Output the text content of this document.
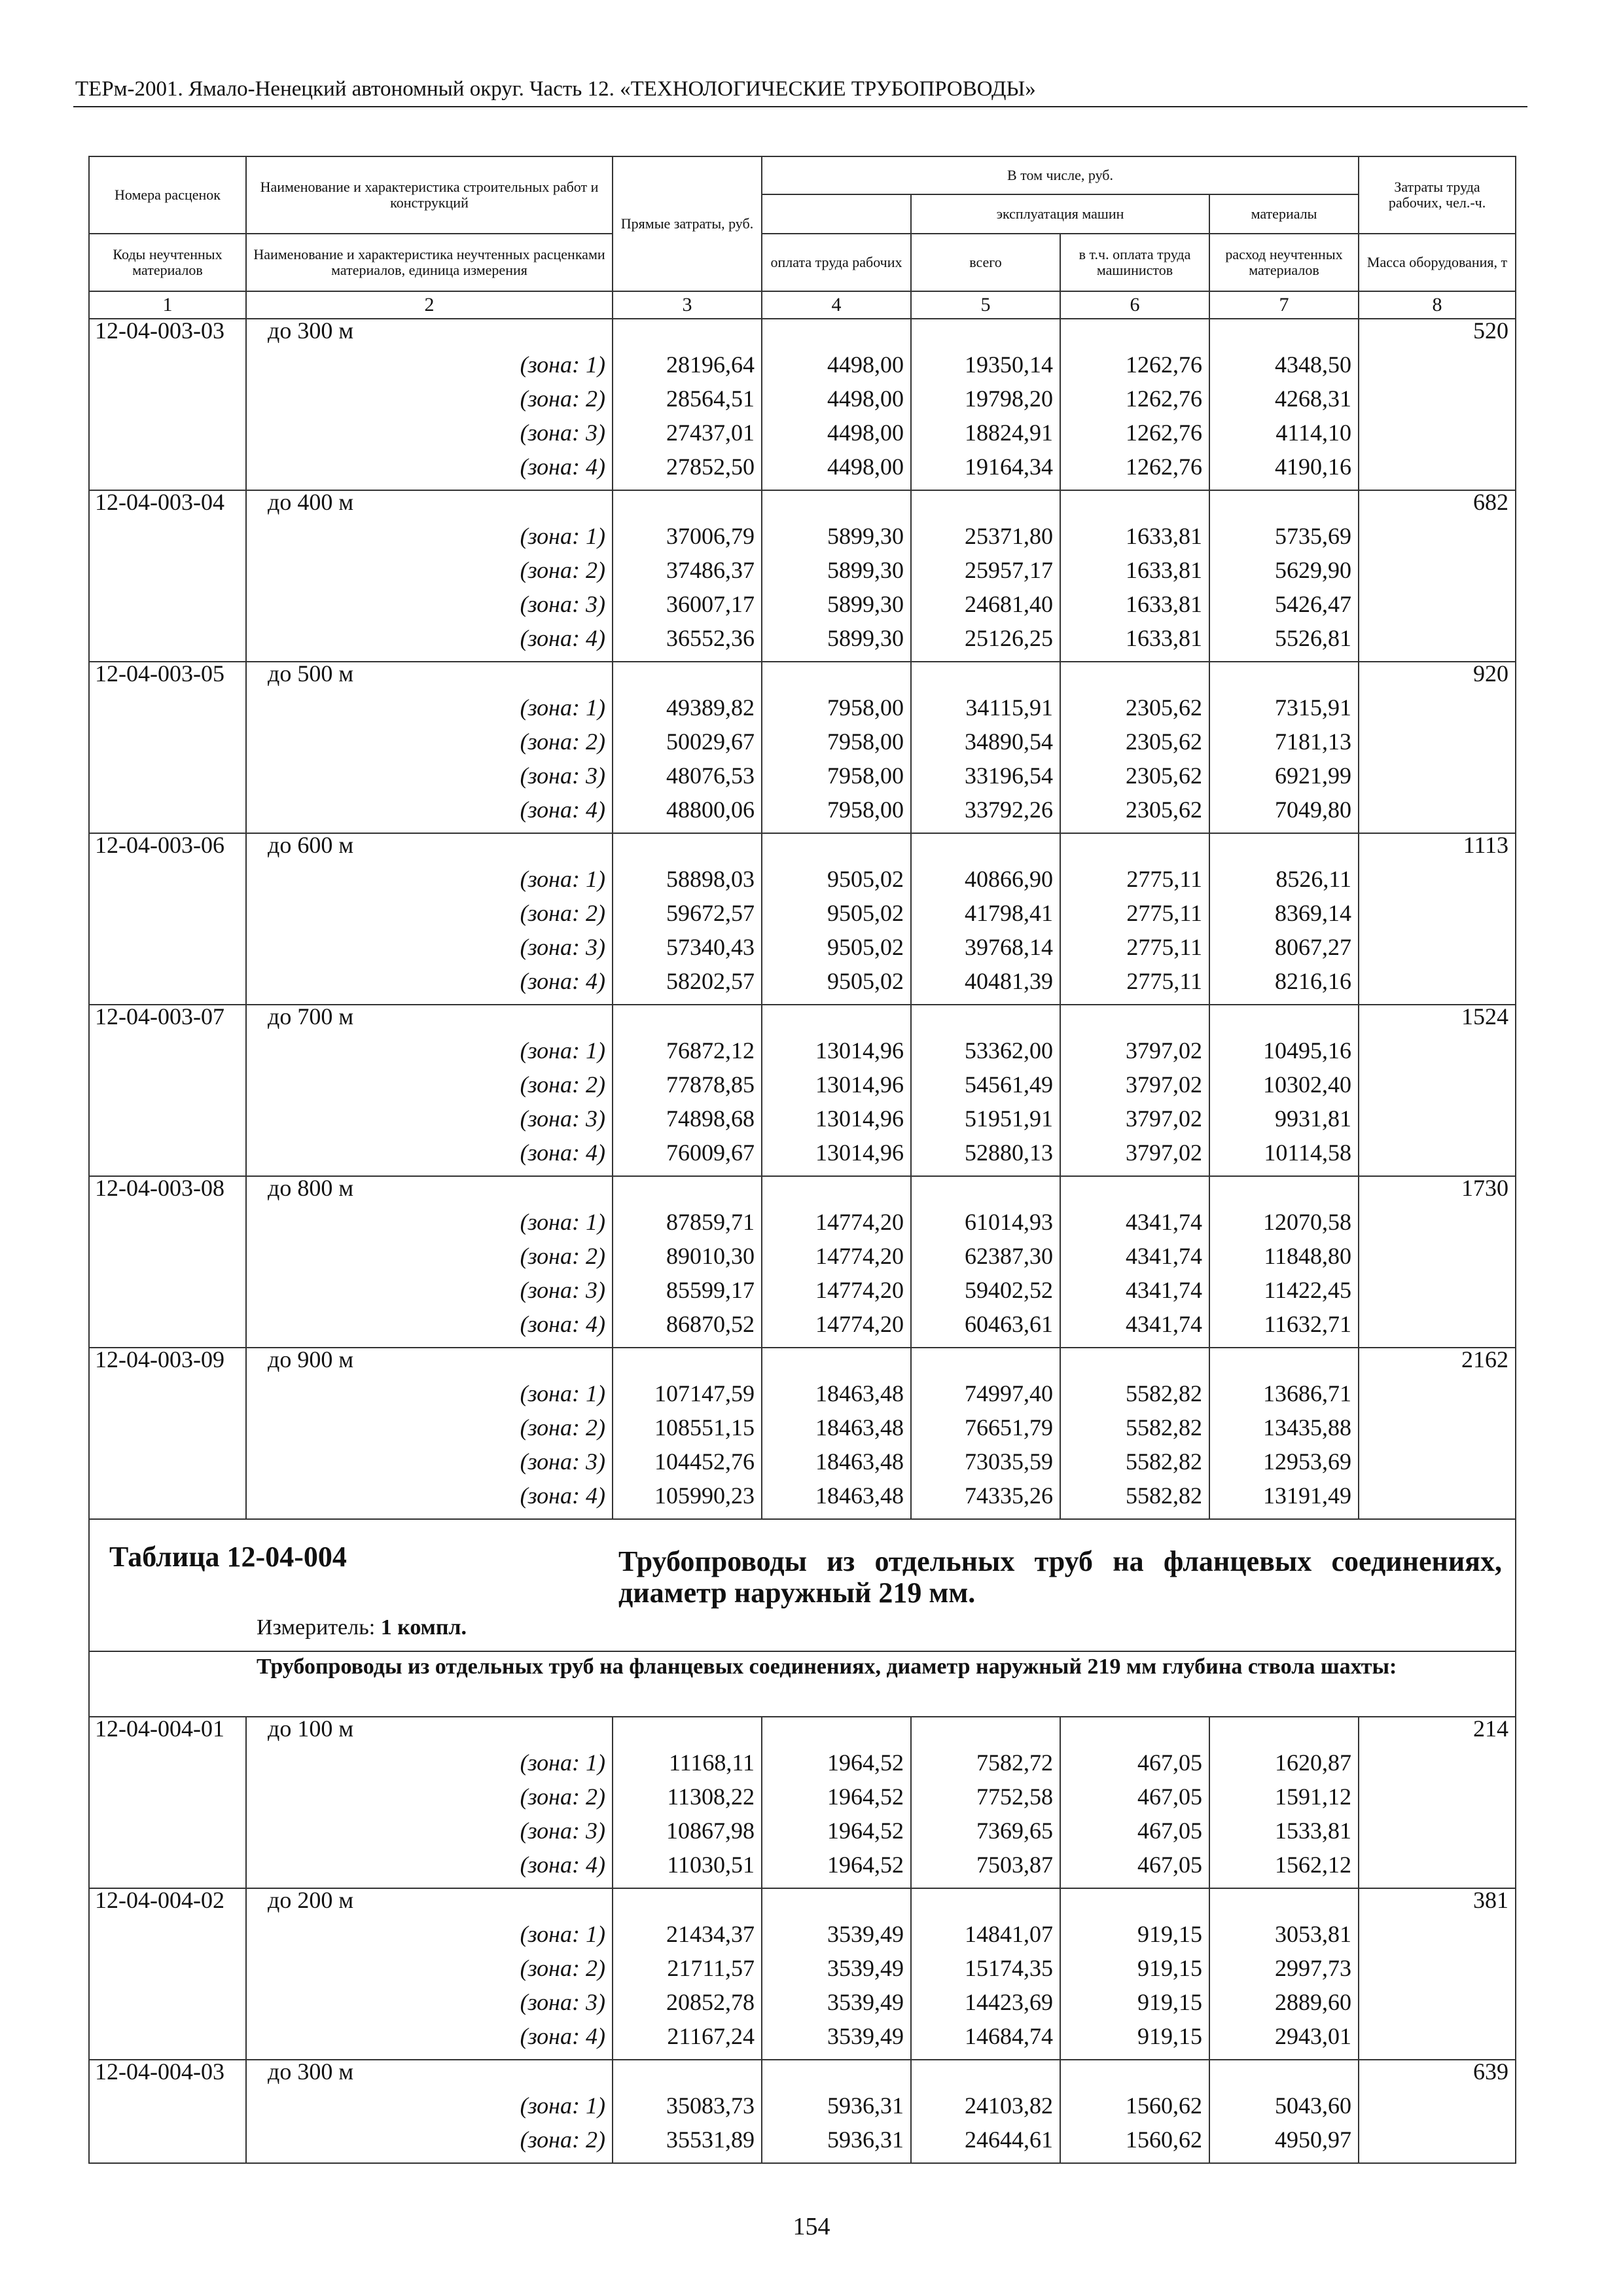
ТЕРм-2001. Ямало-Ненецкий автономный округ. Часть 12. «ТЕХНОЛОГИЧЕСКИЕ ТРУБОПРОВОДЫ»
Номера расценок	Наименование и характеристика строительных работ и конструкций	Прямые затраты, руб.	В том числе, руб.				Затраты труда рабочих, чел.-ч.
				эксплуатация машин		материалы	
Коды неучтенных материалов	Наименование и характеристика неучтенных расценками материалов, единица измерения		оплата труда рабочих	всего	в т.ч. оплата труда машинистов	расход неучтенных материалов	Масса оборудования, т
1	2	3	4	5	6	7	8
12-04-003-03	до 300 м						520
	(зона: 1)	28196,64	4498,00	19350,14	1262,76	4348,50	
	(зона: 2)	28564,51	4498,00	19798,20	1262,76	4268,31	
	(зона: 3)	27437,01	4498,00	18824,91	1262,76	4114,10	
	(зона: 4)	27852,50	4498,00	19164,34	1262,76	4190,16	
12-04-003-04	до 400 м						682
	(зона: 1)	37006,79	5899,30	25371,80	1633,81	5735,69	
	(зона: 2)	37486,37	5899,30	25957,17	1633,81	5629,90	
	(зона: 3)	36007,17	5899,30	24681,40	1633,81	5426,47	
	(зона: 4)	36552,36	5899,30	25126,25	1633,81	5526,81	
12-04-003-05	до 500 м						920
	(зона: 1)	49389,82	7958,00	34115,91	2305,62	7315,91	
	(зона: 2)	50029,67	7958,00	34890,54	2305,62	7181,13	
	(зона: 3)	48076,53	7958,00	33196,54	2305,62	6921,99	
	(зона: 4)	48800,06	7958,00	33792,26	2305,62	7049,80	
12-04-003-06	до 600 м						1113
	(зона: 1)	58898,03	9505,02	40866,90	2775,11	8526,11	
	(зона: 2)	59672,57	9505,02	41798,41	2775,11	8369,14	
	(зона: 3)	57340,43	9505,02	39768,14	2775,11	8067,27	
	(зона: 4)	58202,57	9505,02	40481,39	2775,11	8216,16	
12-04-003-07	до 700 м						1524
	(зона: 1)	76872,12	13014,96	53362,00	3797,02	10495,16	
	(зона: 2)	77878,85	13014,96	54561,49	3797,02	10302,40	
	(зона: 3)	74898,68	13014,96	51951,91	3797,02	9931,81	
	(зона: 4)	76009,67	13014,96	52880,13	3797,02	10114,58	
12-04-003-08	до 800 м						1730
	(зона: 1)	87859,71	14774,20	61014,93	4341,74	12070,58	
	(зона: 2)	89010,30	14774,20	62387,30	4341,74	11848,80	
	(зона: 3)	85599,17	14774,20	59402,52	4341,74	11422,45	
	(зона: 4)	86870,52	14774,20	60463,61	4341,74	11632,71	
12-04-003-09	до 900 м						2162
	(зона: 1)	107147,59	18463,48	74997,40	5582,82	13686,71	
	(зона: 2)	108551,15	18463,48	76651,79	5582,82	13435,88	
	(зона: 3)	104452,76	18463,48	73035,59	5582,82	12953,69	
	(зона: 4)	105990,23	18463,48	74335,26	5582,82	13191,49	

Таблица 12-04-004 Трубопроводы из отдельных труб на фланцевых соединениях, диаметр наружный 219 мм.
Измеритель: 1 компл.							

Трубопроводы из отдельных труб на фланцевых соединениях, диаметр наружный 219 мм глубина ствола шахты:							
12-04-004-01	до 100 м						214
	(зона: 1)	11168,11	1964,52	7582,72	467,05	1620,87	
	(зона: 2)	11308,22	1964,52	7752,58	467,05	1591,12	
	(зона: 3)	10867,98	1964,52	7369,65	467,05	1533,81	
	(зона: 4)	11030,51	1964,52	7503,87	467,05	1562,12	
12-04-004-02	до 200 м						381
	(зона: 1)	21434,37	3539,49	14841,07	919,15	3053,81	
	(зона: 2)	21711,57	3539,49	15174,35	919,15	2997,73	
	(зона: 3)	20852,78	3539,49	14423,69	919,15	2889,60	
	(зона: 4)	21167,24	3539,49	14684,74	919,15	2943,01	
12-04-004-03	до 300 м						639
	(зона: 1)	35083,73	5936,31	24103,82	1560,62	5043,60	
	(зона: 2)	35531,89	5936,31	24644,61	1560,62	4950,97	
154
